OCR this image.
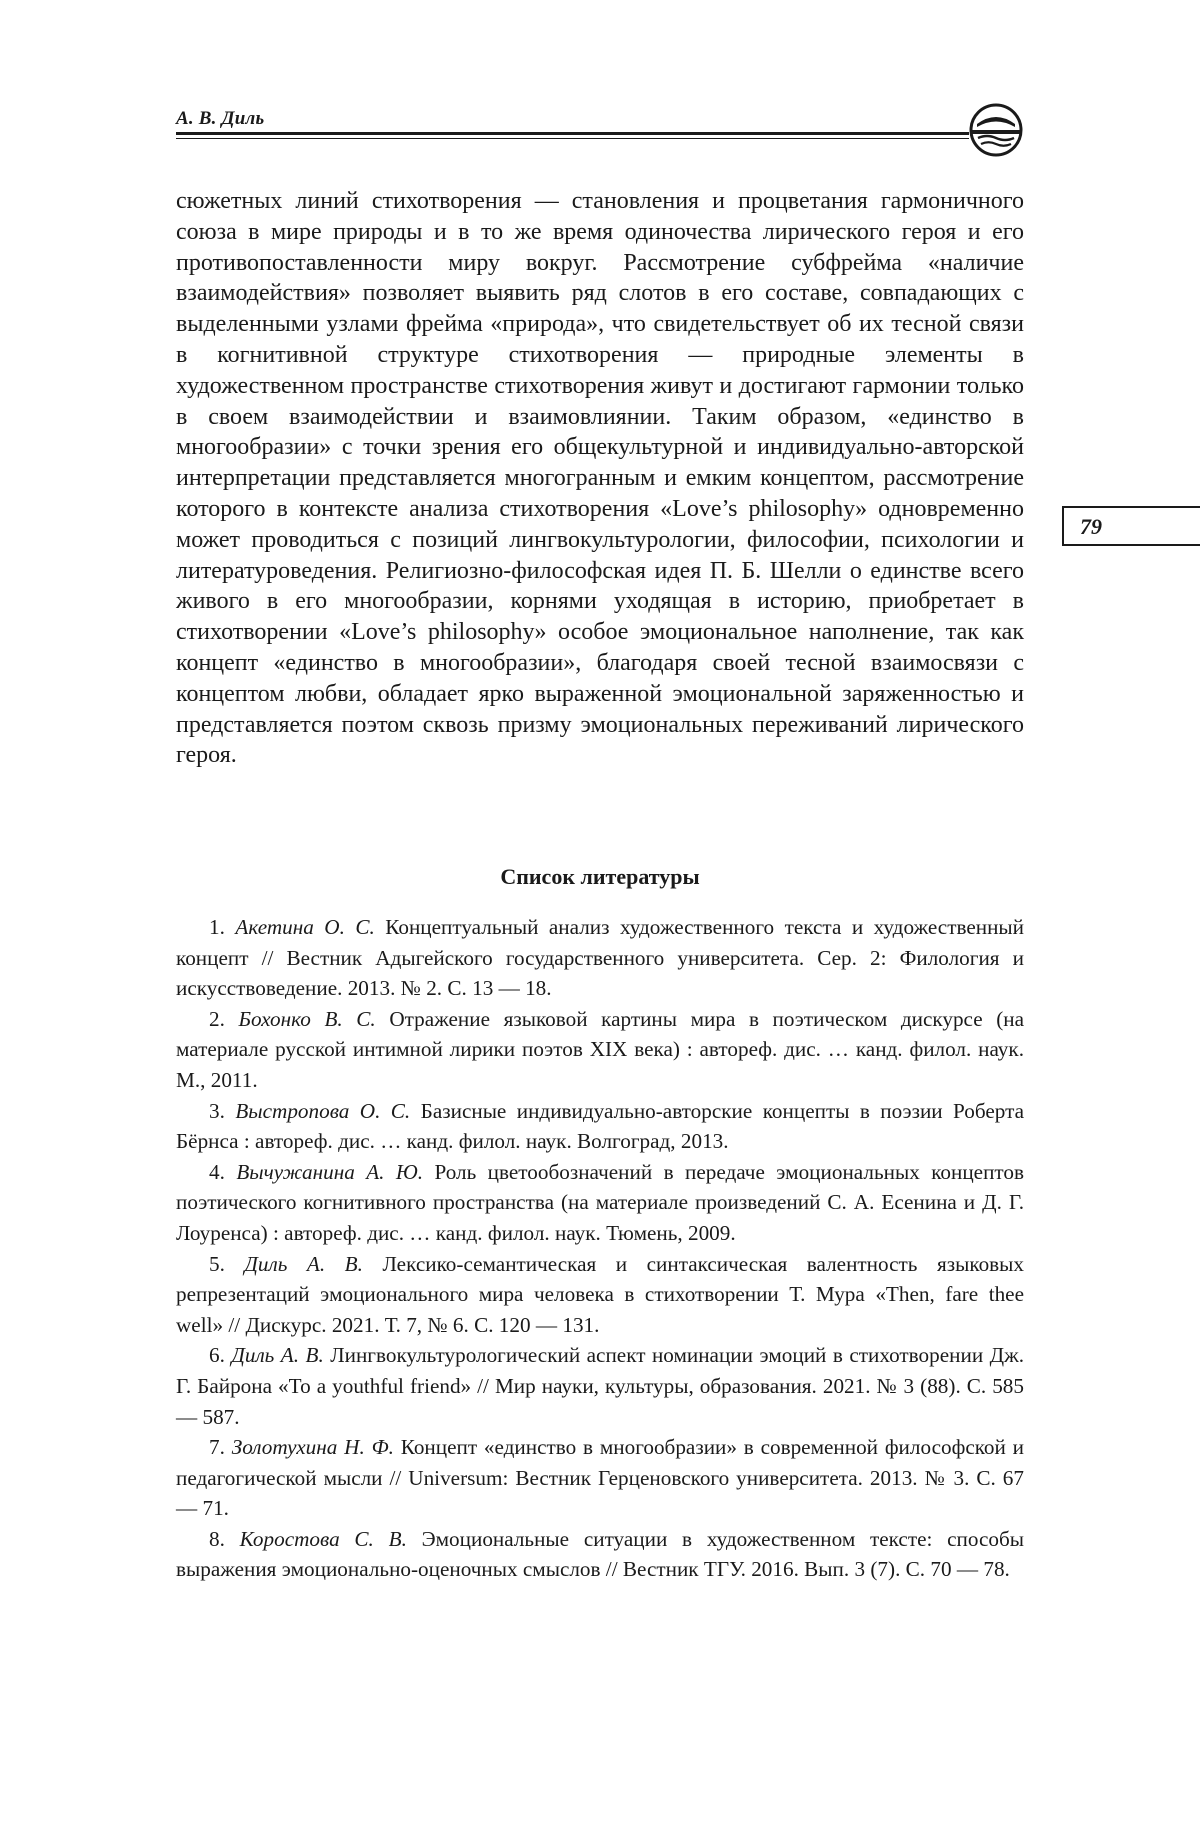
А. В. Диль

сюжетных линий стихотворения — становления и процветания гармоничного союза в мире природы и в то же время одиночества лирического героя и его противопоставленности миру вокруг. Рассмотрение субфрейма «наличие взаимодействия» позволяет выявить ряд слотов в его составе, совпадающих с выделенными узлами фрейма «природа», что свидетельствует об их тесной связи в когнитивной структуре стихотворения — природные элементы в художественном пространстве стихотворения живут и достигают гармонии только в своем взаимодействии и взаимовлиянии. Таким образом, «единство в многообразии» с точки зрения его общекультурной и индивидуально-авторской интерпретации представляется многогранным и емким концептом, рассмотрение которого в контексте анализа стихотворения «Love’s philosophy» одновременно может проводиться с позиций лингвокультурологии, философии, психологии и литературоведения. Религиозно-философская идея П. Б. Шелли о единстве всего живого в его многообразии, корнями уходящая в историю, приобретает в стихотворении «Love’s philosophy» особое эмоциональное наполнение, так как концепт «единство в многообразии», благодаря своей тесной взаимосвязи с концептом любви, обладает ярко выраженной эмоциональной заряженностью и представляется поэтом сквозь призму эмоциональных переживаний лирического героя.

79
Список литературы
1. Акетина О. С. Концептуальный анализ художественного текста и художественный концепт // Вестник Адыгейского государственного университета. Сер. 2: Филология и искусствоведение. 2013. № 2. С. 13 — 18.
2. Бохонко В. С. Отражение языковой картины мира в поэтическом дискурсе (на материале русской интимной лирики поэтов XIX века) : автореф. дис. … канд. филол. наук. М., 2011.
3. Выстропова О. С. Базисные индивидуально-авторские концепты в поэзии Роберта Бёрнса : автореф. дис. … канд. филол. наук. Волгоград, 2013.
4. Вычужанина А. Ю. Роль цветообозначений в передаче эмоциональных концептов поэтического когнитивного пространства (на материале произведений С. А. Есенина и Д. Г. Лоуренса) : автореф. дис. … канд. филол. наук. Тюмень, 2009.
5. Диль А. В. Лексико-семантическая и синтаксическая валентность языковых репрезентаций эмоционального мира человека в стихотворении Т. Мура «Then, fare thee well» // Дискурс. 2021. Т. 7, № 6. С. 120 — 131.
6. Диль А. В. Лингвокультурологический аспект номинации эмоций в стихотворении Дж. Г. Байрона «To a youthful friend» // Мир науки, культуры, образования. 2021. № 3 (88). С. 585 — 587.
7. Золотухина Н. Ф. Концепт «единство в многообразии» в современной философской и педагогической мысли // Universum: Вестник Герценовского университета. 2013. № 3. С. 67 — 71.
8. Коростова С. В. Эмоциональные ситуации в художественном тексте: способы выражения эмоционально-оценочных смыслов // Вестник ТГУ. 2016. Вып. 3 (7). С. 70 — 78.
